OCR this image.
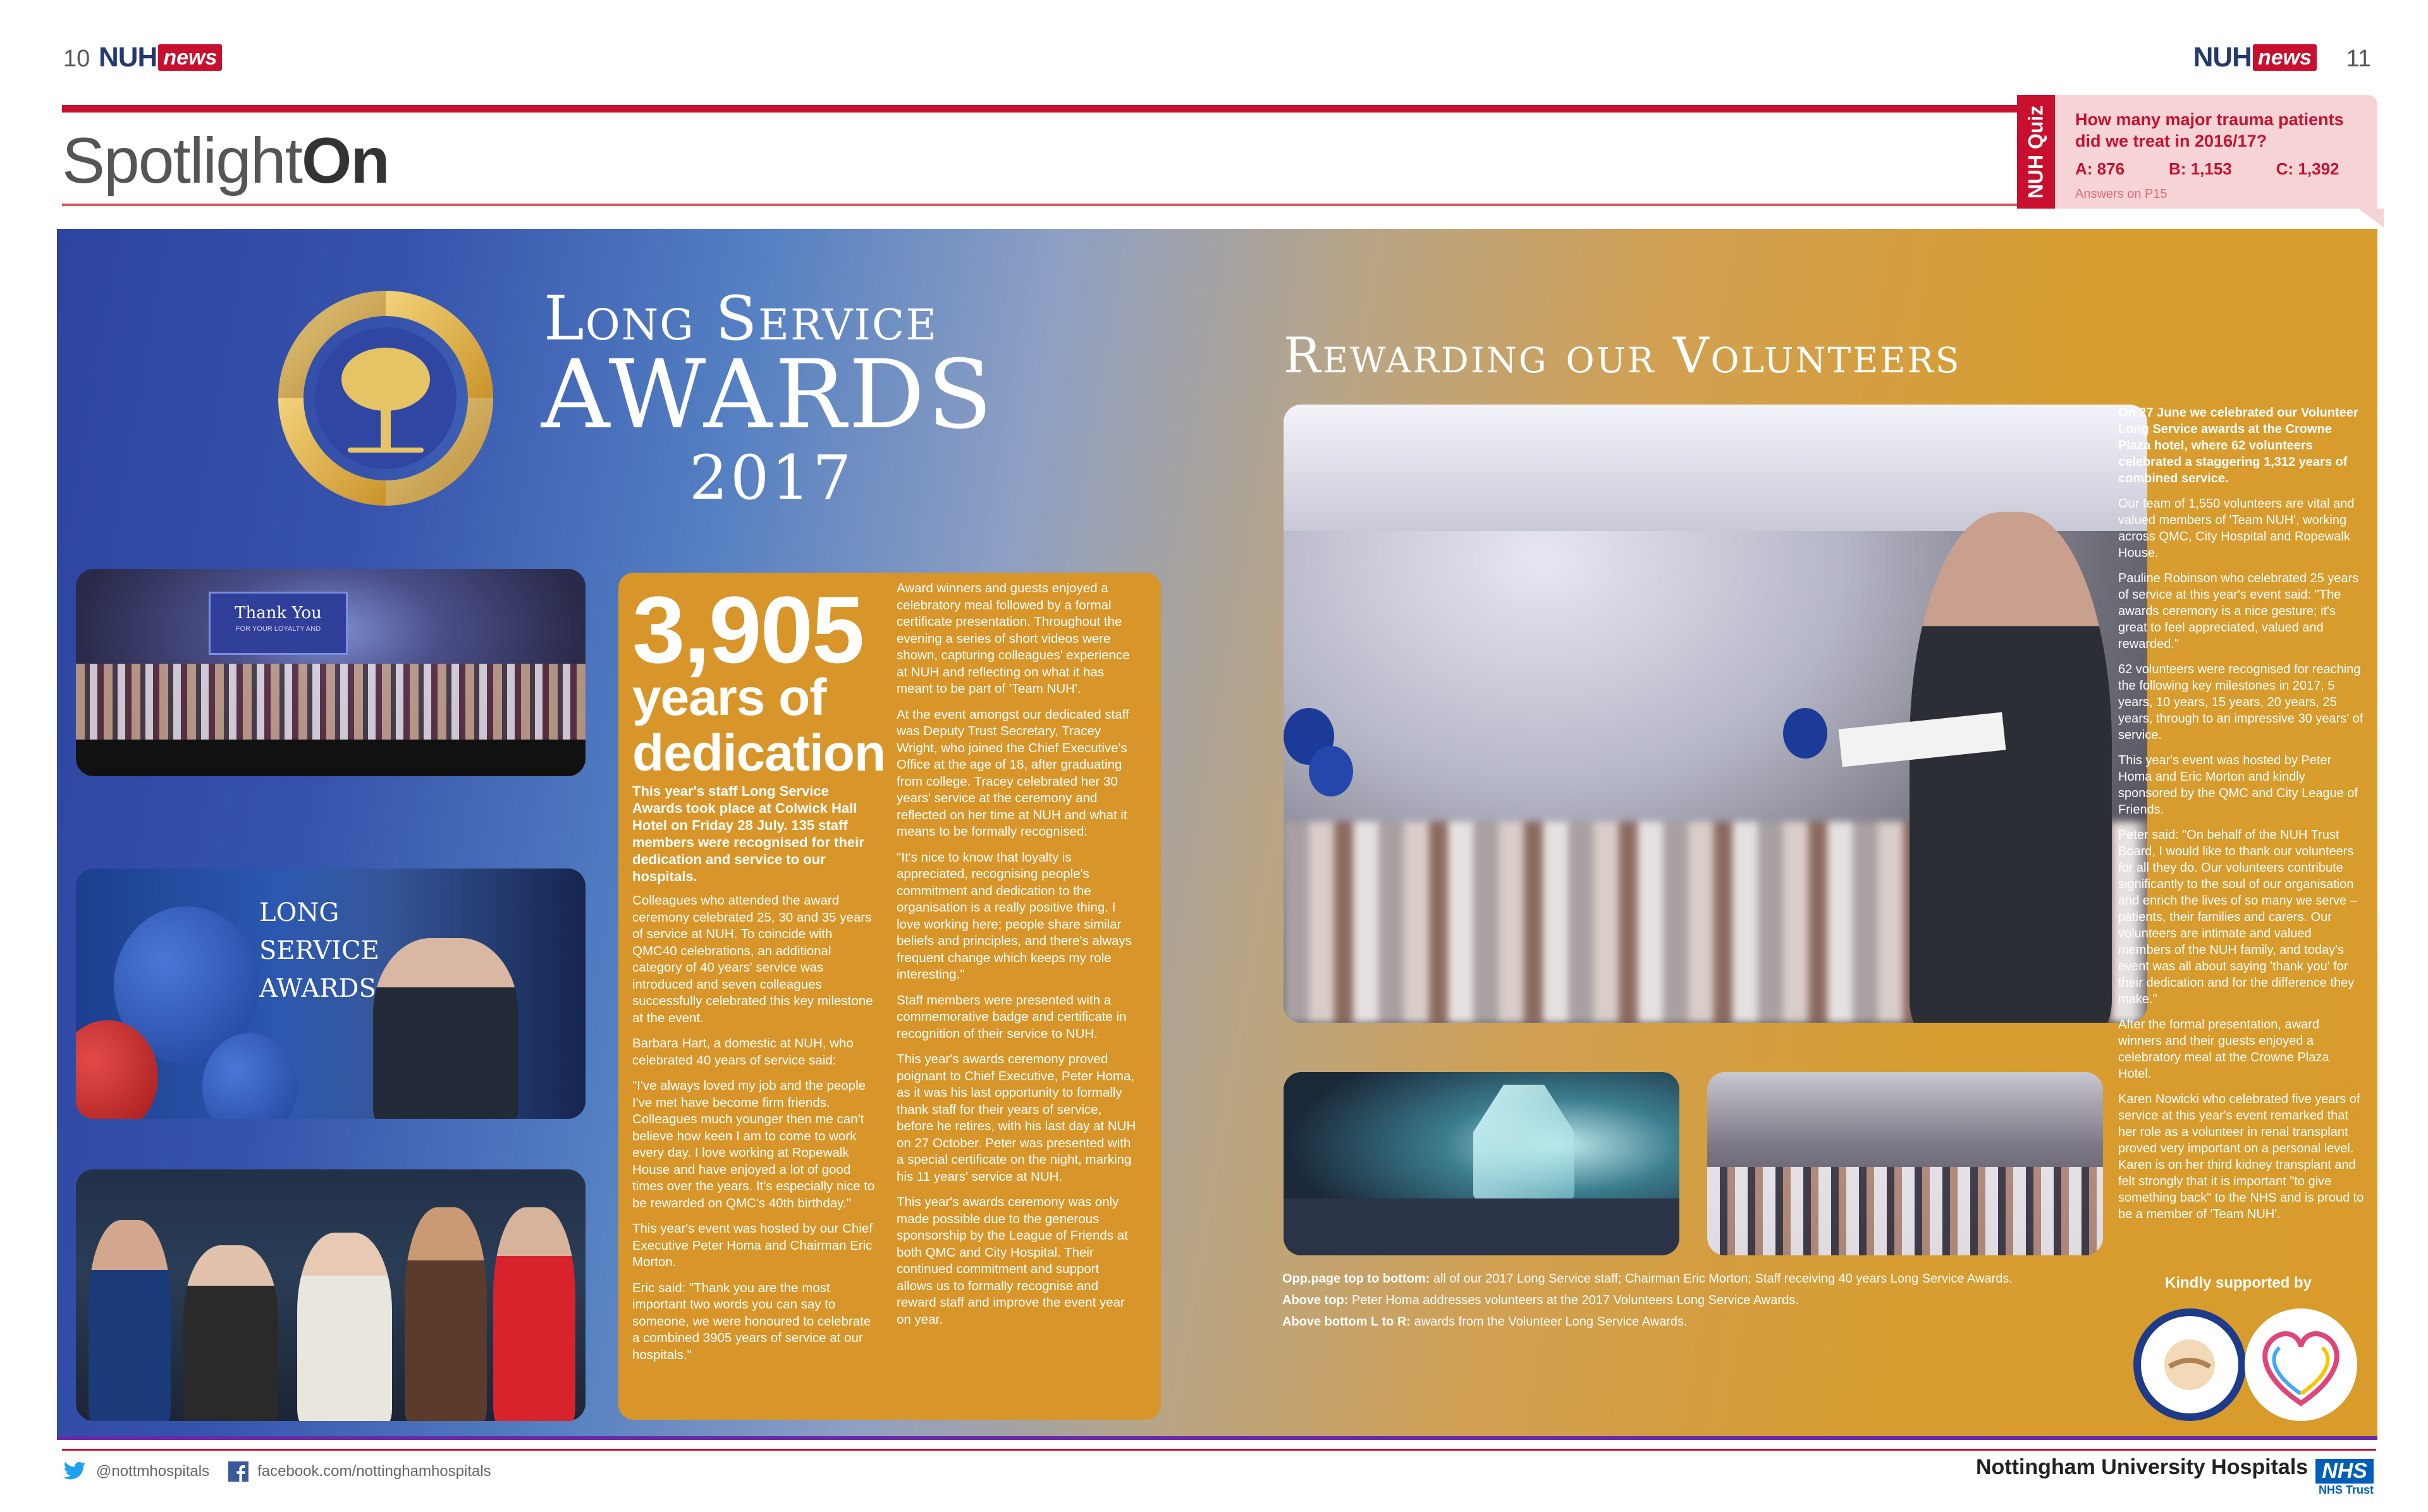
10 NUH news	NUH news 11
SpotlightOn	NUH Quiz How many major trauma patients did we treat in 2016/17?
A: 876	B: 1,153	C: 1,392
Answers on P15
Long Service
AWARDS
2017
Thank You
FOR YOUR LOYALTY AND
LONG SERVICE AWARDS
3,905
years of dedication
This year's staff Long Service Awards took place at Colwick Hall Hotel on Friday 28 July. 135 staff members were recognised for their dedication and service to our hospitals.

Colleagues who attended the award ceremony celebrated 25, 30 and 35 years of service at NUH. To coincide with QMC40 celebrations, an additional category of 40 years' service was introduced and seven colleagues successfully celebrated this key milestone at the event.

Barbara Hart, a domestic at NUH, who celebrated 40 years of service said:

"I've always loved my job and the people I've met have become firm friends. Colleagues much younger then me can't believe how keen I am to come to work every day. I love working at Ropewalk House and have enjoyed a lot of good times over the years. It's especially nice to be rewarded on QMC's 40th birthday."

This year's event was hosted by our Chief Executive Peter Homa and Chairman Eric Morton.

Eric said: "Thank you are the most important two words you can say to someone, we were honoured to celebrate a combined 3905 years of service at our hospitals."

Award winners and guests enjoyed a celebratory meal followed by a formal certificate presentation. Throughout the evening a series of short videos were shown, capturing colleagues' experience at NUH and reflecting on what it has meant to be part of 'Team NUH'.

At the event amongst our dedicated staff was Deputy Trust Secretary, Tracey Wright, who joined the Chief Executive's Office at the age of 18, after graduating from college. Tracey celebrated her 30 years' service at the ceremony and reflected on her time at NUH and what it means to be formally recognised:

"It's nice to know that loyalty is appreciated, recognising people's commitment and dedication to the organisation is a really positive thing. I love working here; people share similar beliefs and principles, and there's always frequent change which keeps my role interesting."

Staff members were presented with a commemorative badge and certificate in recognition of their service to NUH.

This year's awards ceremony proved poignant to Chief Executive, Peter Homa, as it was his last opportunity to formally thank staff for their years of service, before he retires, with his last day at NUH on 27 October. Peter was presented with a special certificate on the night, marking his 11 years' service at NUH.

This year's awards ceremony was only made possible due to the generous sponsorship by the League of Friends at both QMC and City Hospital. Their continued commitment and support allows us to formally recognise and reward staff and improve the event year on year.

Rewarding our Volunteers

On 27 June we celebrated our Volunteer Long Service awards at the Crowne Plaza hotel, where 62 volunteers celebrated a staggering 1,312 years of combined service.

Our team of 1,550 volunteers are vital and valued members of 'Team NUH', working across QMC, City Hospital and Ropewalk House.

Pauline Robinson who celebrated 25 years of service at this year's event said: "The awards ceremony is a nice gesture; it's great to feel appreciated, valued and rewarded."

62 volunteers were recognised for reaching the following key milestones in 2017; 5 years, 10 years, 15 years, 20 years, 25 years, through to an impressive 30 years' of service.

This year's event was hosted by Peter Homa and Eric Morton and kindly sponsored by the QMC and City League of Friends.

Peter said: "On behalf of the NUH Trust Board, I would like to thank our volunteers for all they do. Our volunteers contribute significantly to the soul of our organisation and enrich the lives of so many we serve – patients, their families and carers. Our volunteers are intimate and valued members of the NUH family, and today's event was all about saying 'thank you' for their dedication and for the difference they make."

After the formal presentation, award winners and their guests enjoyed a celebratory meal at the Crowne Plaza Hotel.

Karen Nowicki who celebrated five years of service at this year's event remarked that her role as a volunteer in renal transplant proved very important on a personal level. Karen is on her third kidney transplant and felt strongly that it is important "to give something back" to the NHS and is proud to be a member of 'Team NUH'.

Opp.page top to bottom: all of our 2017 Long Service staff; Chairman Eric Morton; Staff receiving 40 years Long Service Awards.
Above top: Peter Homa addresses volunteers at the 2017 Volunteers Long Service Awards.
Above bottom L to R: awards from the Volunteer Long Service Awards.
Kindly supported by
@nottmhospitals	facebook.com/nottinghamhospitals	Nottingham University Hospitals NHS
NHS Trust
